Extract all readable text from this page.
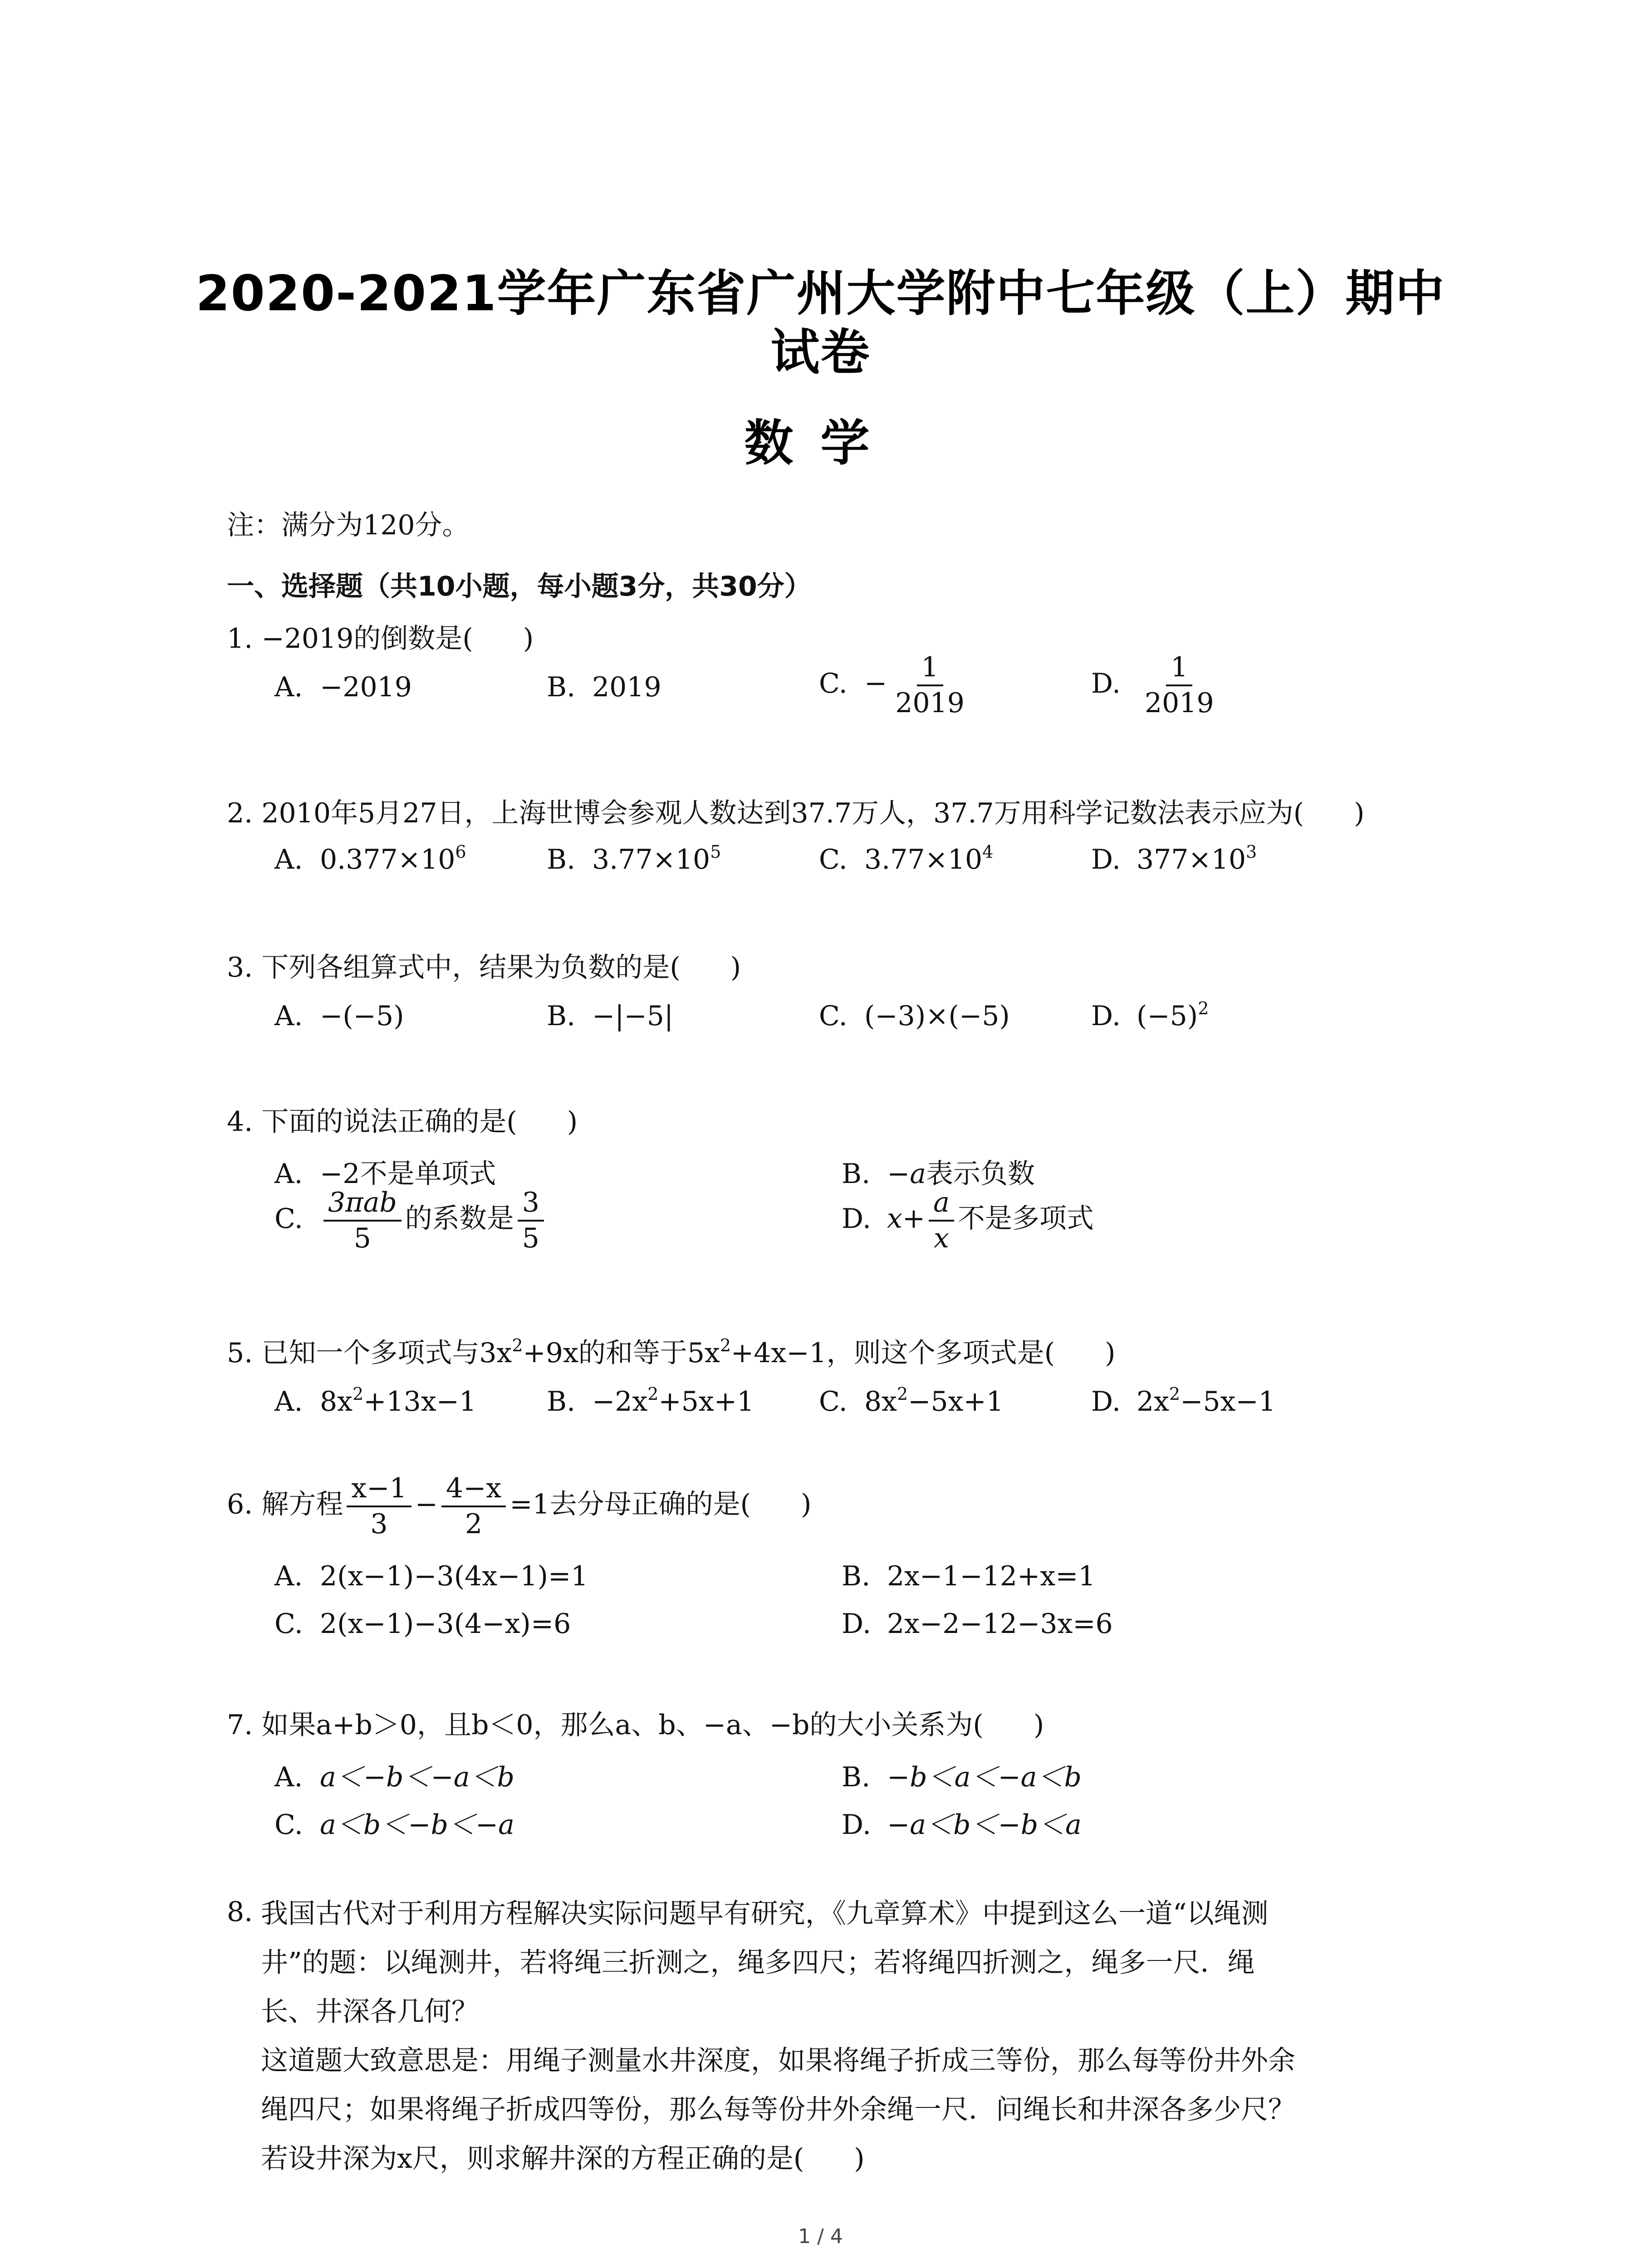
2020-2021学年广东省广州大学附中七年级（上）期中
试卷
数学
注：满分为120分。
一、选择题（共10小题，每小题3分，共30分）
1. −2019的倒数是( )
A. −2019	B. 2019	C. − $\frac{1}{2019}$	D. $\frac{1}{2019}$
2. 2010年5月27日，上海世博会参观人数达到37.7万人，37.7万用科学记数法表示应为( )
A. $0.377\times 10^6$	B. $3.77\times 10^5$	C. $3.77\times 10^4$	D. $377\times 10^3$
3. 下列各组算式中，结果为负数的是( )
A. −(−5)	B. −|−5|	C. (−3)×(−5)	D. $(-5)^2$
4. 下面的说法正确的是( )
A. −2不是单项式	B. −a表示负数
C. $\frac{\text{3πab}}{5}$ 的系数是 $\frac{3}{5}$	D. $x+ \frac{a}{x}$ 不是多项式
5. 已知一个多项式与$3x^2+9x$的和等于$5x^2+4x-1$，则这个多项式是( )
A. $8x^2+13x-1$	B. $-2x^2+5x+1$ C. $8x^2-5x+1$	D. $2x^2-5x-1$
6. 解方程 $\frac{x-1}{3} - \frac{4-x}{2} =1$去分母正确的是( )
A. 2(x−1)−3(4x−1)=1	B. 2x−1−12+x=1
C. 2(x−1)−3(4−x)=6	D. 2x−2−12−3x=6
7. 如果a+b＞0，且b＜0，那么a、b、−a、−b的大小关系为( )
A. a＜−b＜−a＜b	B. −b＜a＜−a＜b
C. a＜b＜−b＜−a	D. −a＜b＜−b＜a
8. 我国古代对于利用方程解决实际问题早有研究，《九章算术》中提到这么一道“以绳测
井”的题：以绳测井，若将绳三折测之，绳多四尺；若将绳四折测之，绳多一尺．绳
长、井深各几何？
这道题大致意思是：用绳子测量水井深度，如果将绳子折成三等份，那么每等份井外余
绳四尺；如果将绳子折成四等份，那么每等份井外余绳一尺．问绳长和井深各多少尺？
若设井深为x尺，则求解井深的方程正确的是( )
1 / 4
